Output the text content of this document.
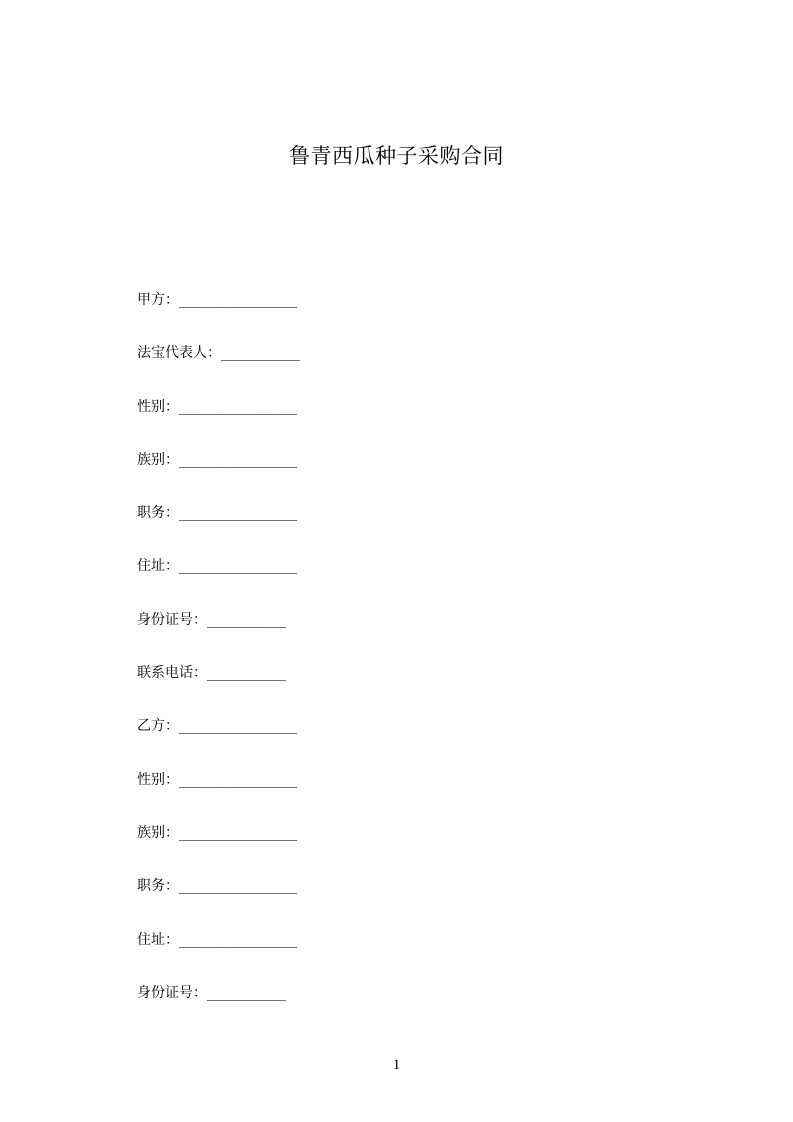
鲁青西瓜种子采购合同
甲方：_______________
法宝代表人：__________
性别：_______________
族别：_______________
职务：_______________
住址：_______________
身份证号：__________
联系电话：__________
乙方：_______________
性别：_______________
族别：_______________
职务：_______________
住址：_______________
身份证号：__________
1
